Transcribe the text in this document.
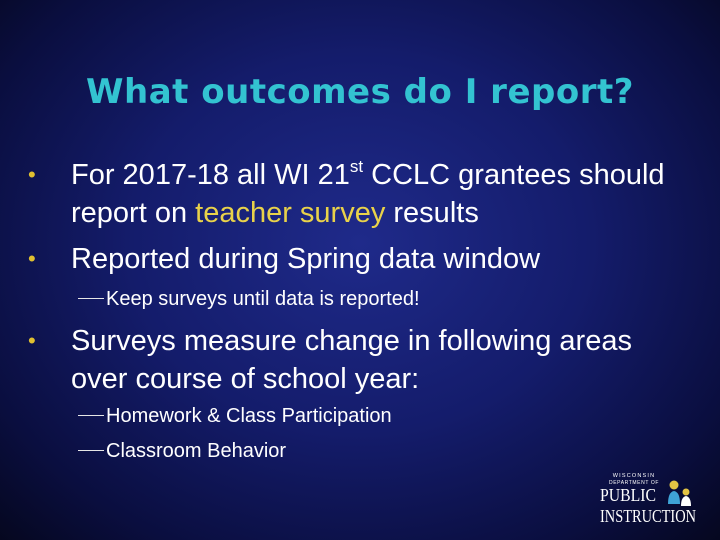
What outcomes do I report?
• For 2017-18 all WI 21st CCLC grantees should report on teacher survey results
• Reported during Spring data window
Keep surveys until data is reported!
• Surveys measure change in following areas over course of school year:
Homework & Class Participation
Classroom Behavior
WISCONSIN
DEPARTMENT OF
PUBLIC
INSTRUCTION
